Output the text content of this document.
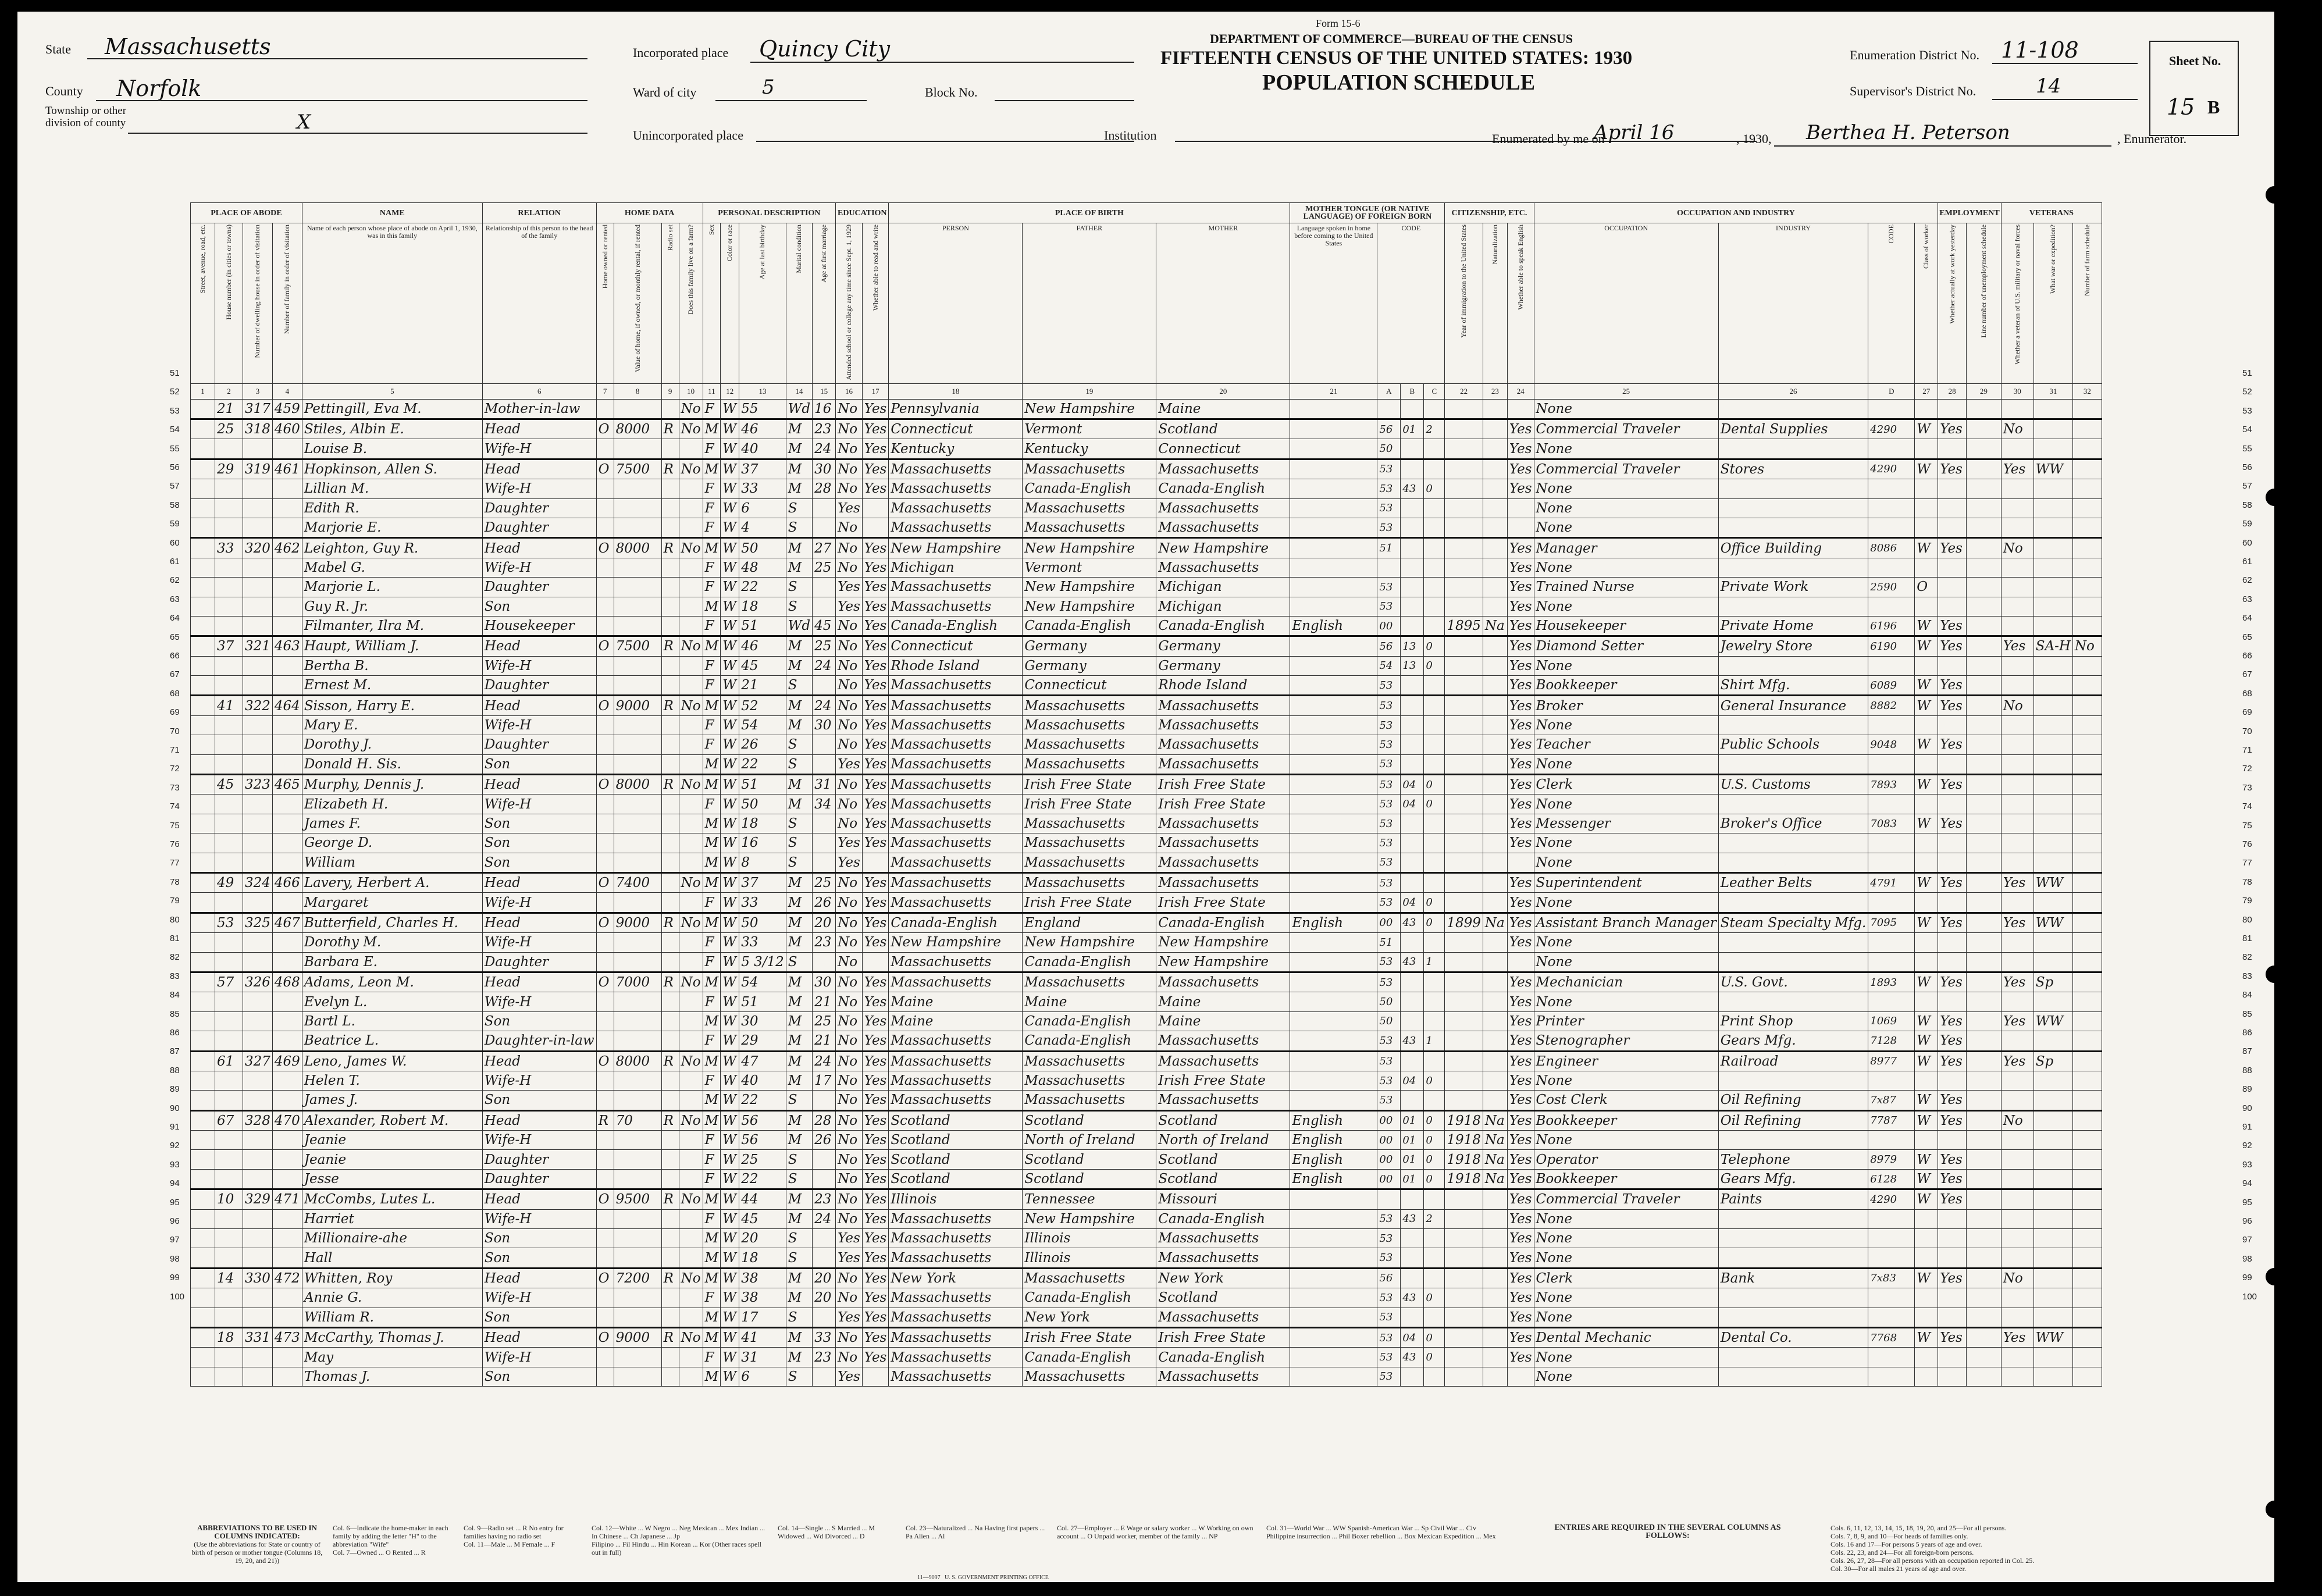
Form 15-6
DEPARTMENT OF COMMERCE—BUREAU OF THE CENSUS
FIFTEENTH CENSUS OF THE UNITED STATES: 1930
POPULATION SCHEDULE
State Massachusetts
County Norfolk
Township or other division of county	X
Incorporated place Quincy City
Ward of city	5	Block No.
Unincorporated place	Institution
Enumeration District No. 11-108
Supervisor's District No.	14
Sheet No.
15 B
Enumerated by me on
April 16	, 1930, Berthea H. Peterson	, Enumerator.
PLACE OF ABODE				NAME	RELATION	HOME DATA				PERSONAL DESCRIPTION					EDUCATION		PLACE OF BIRTH			MOTHER TONGUE (OR NATIVE LANGUAGE) OF FOREIGN BORN				CITIZENSHIP, ETC.			OCCUPATION AND INDUSTRY				EMPLOYMENT		VETERANS		
Street, avenue, road, etc.	House number (in cities or towns)	Number of dwelling house in order of visitation	Number of family in order of visitation	Name of each person whose place of abode on April 1, 1930, was in this family	Relationship of this person to the head of the family	Home owned or rented	Value of home, if owned, or monthly rental, if rented	Radio set	Does this family live on a farm?	Sex	Color or race	Age at last birthday	Marital condition	Age at first marriage	Attended school or college any time since Sept. 1, 1929	Whether able to read and write	PERSON	FATHER	MOTHER	Language spoken in home before coming to the United States	CODE			Year of immigration to the United States	Naturalization	Whether able to speak English	OCCUPATION	INDUSTRY	CODE	Class of worker	Whether actually at work yesterday	Line number of unemployment schedule	Whether a veteran of U.S. military or naval forces	What war or expedition?	Number of farm schedule
1	2	3	4	5	6	7	8	9	10	11	12	13	14	15	16	17	18	19	20	21	A	B	C	22	23	24	25	26	D	27	28	29	30	31	32
	21	317	459	Pettingill, Eva M.	Mother-in-law				No	F	W	55	Wd	16	No	Yes	Pennsylvania	New Hampshire	Maine								None								
	25	318	460	Stiles, Albin E.	Head	O	8000	R	No	M	W	46	M	23	No	Yes	Connecticut	Vermont	Scotland		56	01	2			Yes	Commercial Traveler	Dental Supplies	4290	W	Yes		No		
				Louise B.	Wife-H					F	W	40	M	24	No	Yes	Kentucky	Kentucky	Connecticut		50					Yes	None								
	29	319	461	Hopkinson, Allen S.	Head	O	7500	R	No	M	W	37	M	30	No	Yes	Massachusetts	Massachusetts	Massachusetts		53					Yes	Commercial Traveler	Stores	4290	W	Yes		Yes	WW	
				Lillian M.	Wife-H					F	W	33	M	28	No	Yes	Massachusetts	Canada-English	Canada-English		53	43	0			Yes	None								
				Edith R.	Daughter					F	W	6	S		Yes		Massachusetts	Massachusetts	Massachusetts		53						None								
				Marjorie E.	Daughter					F	W	4	S		No		Massachusetts	Massachusetts	Massachusetts		53						None								
	33	320	462	Leighton, Guy R.	Head	O	8000	R	No	M	W	50	M	27	No	Yes	New Hampshire	New Hampshire	New Hampshire		51					Yes	Manager	Office Building	8086	W	Yes		No		
				Mabel G.	Wife-H					F	W	48	M	25	No	Yes	Michigan	Vermont	Massachusetts							Yes	None								
				Marjorie L.	Daughter					F	W	22	S		Yes	Yes	Massachusetts	New Hampshire	Michigan		53					Yes	Trained Nurse	Private Work	2590	O					
				Guy R. Jr.	Son					M	W	18	S		Yes	Yes	Massachusetts	New Hampshire	Michigan		53					Yes	None								
				Filmanter, Ilra M.	Housekeeper					F	W	51	Wd	45	No	Yes	Canada-English	Canada-English	Canada-English	English	00			1895	Na	Yes	Housekeeper	Private Home	6196	W	Yes				
	37	321	463	Haupt, William J.	Head	O	7500	R	No	M	W	46	M	25	No	Yes	Connecticut	Germany	Germany		56	13	0			Yes	Diamond Setter	Jewelry Store	6190	W	Yes		Yes	SA-H	No
				Bertha B.	Wife-H					F	W	45	M	24	No	Yes	Rhode Island	Germany	Germany		54	13	0			Yes	None								
				Ernest M.	Daughter					F	W	21	S		No	Yes	Massachusetts	Connecticut	Rhode Island		53					Yes	Bookkeeper	Shirt Mfg.	6089	W	Yes				
	41	322	464	Sisson, Harry E.	Head	O	9000	R	No	M	W	52	M	24	No	Yes	Massachusetts	Massachusetts	Massachusetts		53					Yes	Broker	General Insurance	8882	W	Yes		No		
				Mary E.	Wife-H					F	W	54	M	30	No	Yes	Massachusetts	Massachusetts	Massachusetts		53					Yes	None								
				Dorothy J.	Daughter					F	W	26	S		No	Yes	Massachusetts	Massachusetts	Massachusetts		53					Yes	Teacher	Public Schools	9048	W	Yes				
				Donald H. Sis.	Son					M	W	22	S		Yes	Yes	Massachusetts	Massachusetts	Massachusetts		53					Yes	None								
	45	323	465	Murphy, Dennis J.	Head	O	8000	R	No	M	W	51	M	31	No	Yes	Massachusetts	Irish Free State	Irish Free State		53	04	0			Yes	Clerk	U.S. Customs	7893	W	Yes				
				Elizabeth H.	Wife-H					F	W	50	M	34	No	Yes	Massachusetts	Irish Free State	Irish Free State		53	04	0			Yes	None								
				James F.	Son					M	W	18	S		No	Yes	Massachusetts	Massachusetts	Massachusetts		53					Yes	Messenger	Broker's Office	7083	W	Yes				
				George D.	Son					M	W	16	S		Yes	Yes	Massachusetts	Massachusetts	Massachusetts		53					Yes	None								
				William	Son					M	W	8	S		Yes		Massachusetts	Massachusetts	Massachusetts		53						None								
	49	324	466	Lavery, Herbert A.	Head	O	7400		No	M	W	37	M	25	No	Yes	Massachusetts	Massachusetts	Massachusetts		53					Yes	Superintendent	Leather Belts	4791	W	Yes		Yes	WW	
				Margaret	Wife-H					F	W	33	M	26	No	Yes	Massachusetts	Irish Free State	Irish Free State		53	04	0			Yes	None								
	53	325	467	Butterfield, Charles H.	Head	O	9000	R	No	M	W	50	M	20	No	Yes	Canada-English	England	Canada-English	English	00	43	0	1899	Na	Yes	Assistant Branch Manager	Steam Specialty Mfg.	7095	W	Yes		Yes	WW	
				Dorothy M.	Wife-H					F	W	33	M	23	No	Yes	New Hampshire	New Hampshire	New Hampshire		51					Yes	None								
				Barbara E.	Daughter					F	W	5 3/12	S		No		Massachusetts	Canada-English	New Hampshire		53	43	1				None								
	57	326	468	Adams, Leon M.	Head	O	7000	R	No	M	W	54	M	30	No	Yes	Massachusetts	Massachusetts	Massachusetts		53					Yes	Mechanician	U.S. Govt.	1893	W	Yes		Yes	Sp	
				Evelyn L.	Wife-H					F	W	51	M	21	No	Yes	Maine	Maine	Maine		50					Yes	None								
				Bartl L.	Son					M	W	30	M	25	No	Yes	Maine	Canada-English	Maine		50					Yes	Printer	Print Shop	1069	W	Yes		Yes	WW	
				Beatrice L.	Daughter-in-law					F	W	29	M	21	No	Yes	Massachusetts	Canada-English	Massachusetts		53	43	1			Yes	Stenographer	Gears Mfg.	7128	W	Yes				
	61	327	469	Leno, James W.	Head	O	8000	R	No	M	W	47	M	24	No	Yes	Massachusetts	Massachusetts	Massachusetts		53					Yes	Engineer	Railroad	8977	W	Yes		Yes	Sp	
				Helen T.	Wife-H					F	W	40	M	17	No	Yes	Massachusetts	Massachusetts	Irish Free State		53	04	0			Yes	None								
				James J.	Son					M	W	22	S		No	Yes	Massachusetts	Massachusetts	Massachusetts		53					Yes	Cost Clerk	Oil Refining	7x87	W	Yes				
	67	328	470	Alexander, Robert M.	Head	R	70	R	No	M	W	56	M	28	No	Yes	Scotland	Scotland	Scotland	English	00	01	0	1918	Na	Yes	Bookkeeper	Oil Refining	7787	W	Yes		No		
				Jeanie	Wife-H					F	W	56	M	26	No	Yes	Scotland	North of Ireland	North of Ireland	English	00	01	0	1918	Na	Yes	None								
				Jeanie	Daughter					F	W	25	S		No	Yes	Scotland	Scotland	Scotland	English	00	01	0	1918	Na	Yes	Operator	Telephone	8979	W	Yes				
				Jesse	Daughter					F	W	22	S		No	Yes	Scotland	Scotland	Scotland	English	00	01	0	1918	Na	Yes	Bookkeeper	Gears Mfg.	6128	W	Yes				
	10	329	471	McCombs, Lutes L.	Head	O	9500	R	No	M	W	44	M	23	No	Yes	Illinois	Tennessee	Missouri							Yes	Commercial Traveler	Paints	4290	W	Yes				
				Harriet	Wife-H					F	W	45	M	24	No	Yes	Massachusetts	New Hampshire	Canada-English		53	43	2			Yes	None								
				Millionaire-ahe	Son					M	W	20	S		Yes	Yes	Massachusetts	Illinois	Massachusetts		53					Yes	None								
				Hall	Son					M	W	18	S		Yes	Yes	Massachusetts	Illinois	Massachusetts		53					Yes	None								
	14	330	472	Whitten, Roy	Head	O	7200	R	No	M	W	38	M	20	No	Yes	New York	Massachusetts	New York		56					Yes	Clerk	Bank	7x83	W	Yes		No		
				Annie G.	Wife-H					F	W	38	M	20	No	Yes	Massachusetts	Canada-English	Scotland		53	43	0			Yes	None								
				William R.	Son					M	W	17	S		Yes	Yes	Massachusetts	New York	Massachusetts		53					Yes	None								
	18	331	473	McCarthy, Thomas J.	Head	O	9000	R	No	M	W	41	M	33	No	Yes	Massachusetts	Irish Free State	Irish Free State		53	04	0			Yes	Dental Mechanic	Dental Co.	7768	W	Yes		Yes	WW	
				May	Wife-H					F	W	31	M	23	No	Yes	Massachusetts	Canada-English	Canada-English		53	43	0			Yes	None								
				Thomas J.	Son					M	W	6	S		Yes		Massachusetts	Massachusetts	Massachusetts		53						None								
ABBREVIATIONS TO BE USED IN COLUMNS INDICATED:
(Use the abbreviations for State or country of birth of person or mother tongue (Columns 18, 19, 20, and 21))
Col. 6—Indicate the home-maker in each family by adding the letter "H" to the abbreviation "Wife"
Col. 7—Owned ... O Rented ... R
Col. 9—Radio set ... R No entry for families having no radio set
Col. 11—Male ... M Female ... F
Col. 12—White ... W Negro ... Neg Mexican ... Mex Indian ... In Chinese ... Ch Japanese ... Jp
Filipino ... Fil Hindu ... Hin Korean ... Kor (Other races spell out in full)
Col. 14—Single ... S Married ... M Widowed ... Wd Divorced ... D
Col. 23—Naturalized ... Na Having first papers ... Pa Alien ... Al
Col. 27—Employer ... E Wage or salary worker ... W Working on own account ... O Unpaid worker, member of the family ... NP
Col. 31—World War ... WW Spanish-American War ... Sp Civil War ... Civ Philippine insurrection ... Phil Boxer rebellion ... Box Mexican Expedition ... Mex
ENTRIES ARE REQUIRED IN THE SEVERAL COLUMNS AS FOLLOWS:
Cols. 6, 11, 12, 13, 14, 15, 18, 19, 20, and 25—For all persons.
Cols. 7, 8, 9, and 10—For heads of families only.
Cols. 16 and 17—For persons 5 years of age and over.
Cols. 22, 23, and 24—For all foreign-born persons.
Cols. 26, 27, 28—For all persons with an occupation reported in Col. 25.
Col. 30—For all males 21 years of age and over.
11—9097   U. S. GOVERNMENT PRINTING OFFICE
51	51
52	52
53	53
54	54
55	55
56	56
57	57
58	58
59	59
60	60
61	61
62	62
63	63
64	64
65	65
66	66
67	67
68	68
69	69
70	70
71	71
72	72
73	73
74	74
75	75
76	76
77	77
78	78
79	79
80	80
81	81
82	82
83	83
84	84
85	85
86	86
87	87
88	88
89	89
90	90
91	91
92	92
93	93
94	94
95	95
96	96
97	97
98	98
99	99
100	100
